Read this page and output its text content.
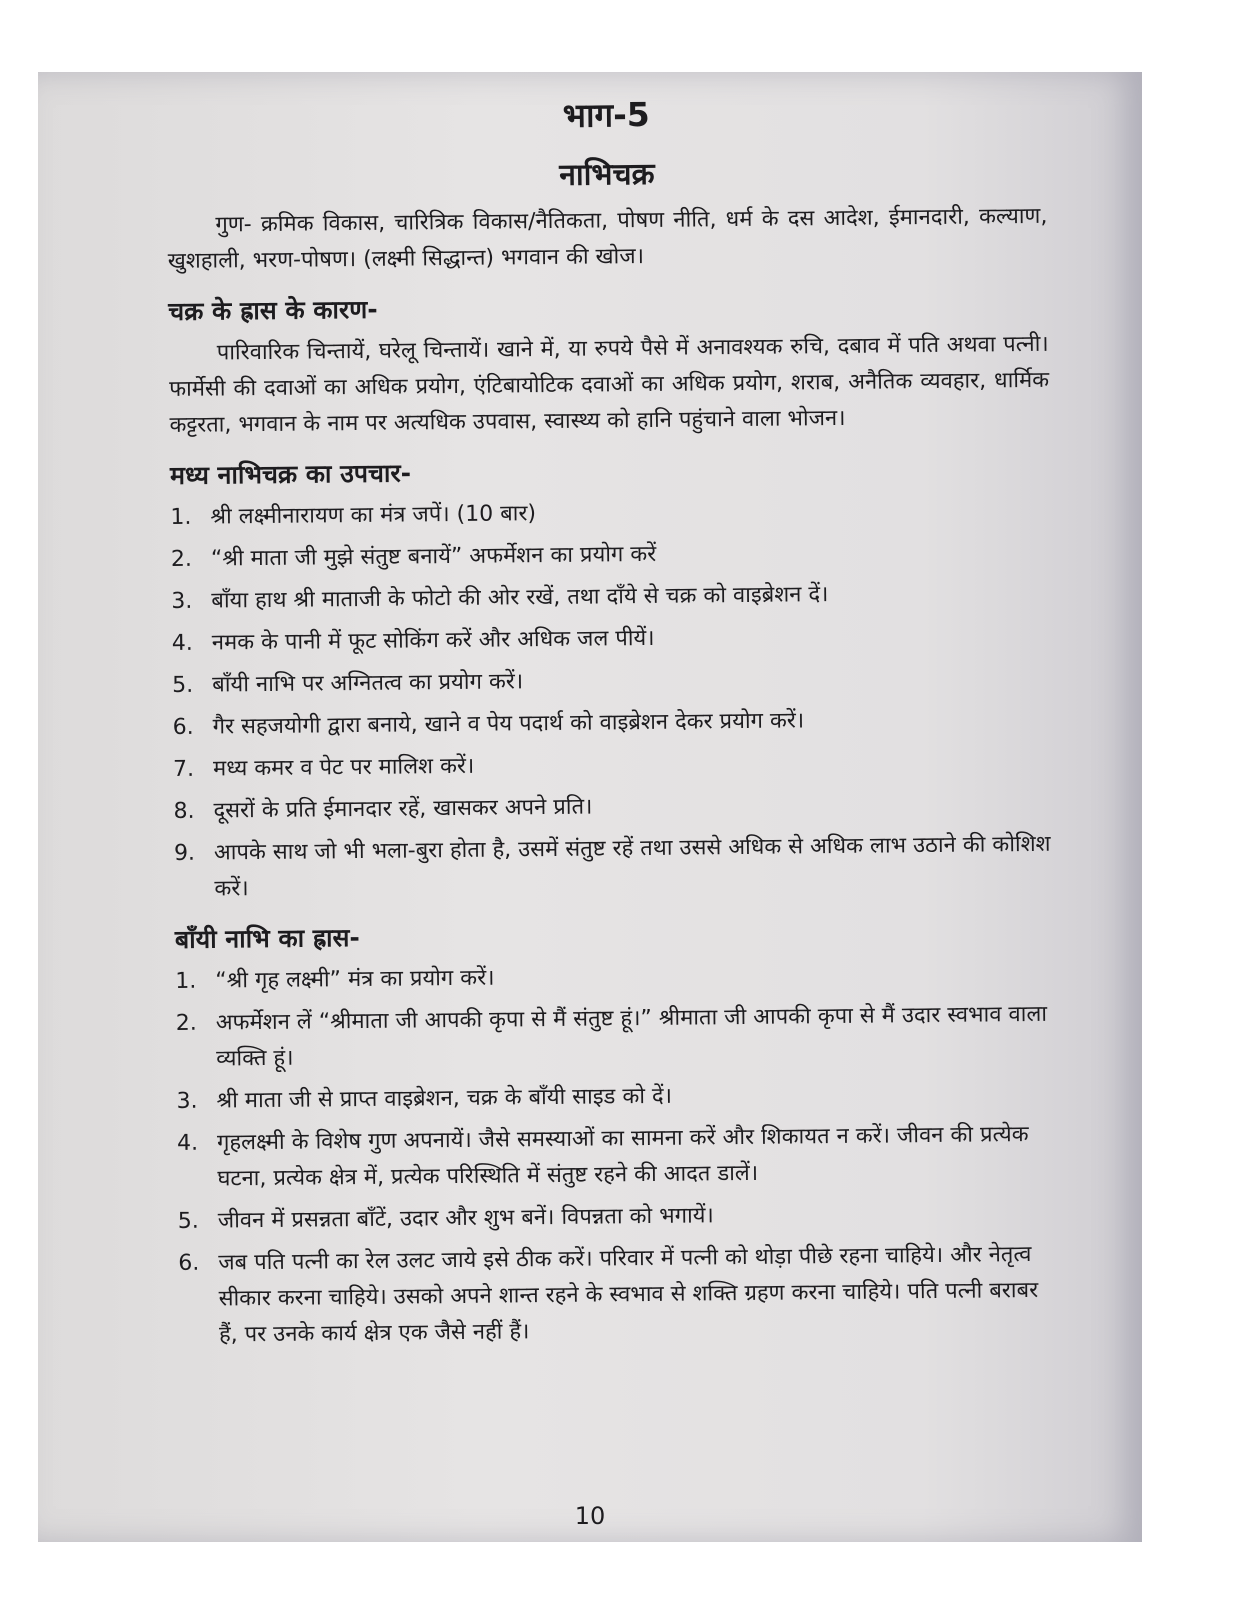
भाग-5
नाभिचक्र

गुण- क्रमिक विकास, चारित्रिक विकास/नैतिकता, पोषण नीति, धर्म के दस आदेश, ईमानदारी, कल्याण, खुशहाली, भरण-पोषण। (लक्ष्मी सिद्धान्त) भगवान की खोज।

चक्र के ह्रास के कारण-

पारिवारिक चिन्तायें, घरेलू चिन्तायें। खाने में, या रुपये पैसे में अनावश्यक रुचि, दबाव में पति अथवा पत्नी। फार्मेसी की दवाओं का अधिक प्रयोग, एंटिबायोटिक दवाओं का अधिक प्रयोग, शराब, अनैतिक व्यवहार, धार्मिक कट्टरता, भगवान के नाम पर अत्यधिक उपवास, स्वास्थ्य को हानि पहुंचाने वाला भोजन।

मध्य नाभिचक्र का उपचार-
1. श्री लक्ष्मीनारायण का मंत्र जपें। (10 बार)
2. “श्री माता जी मुझे संतुष्ट बनायें” अफर्मेशन का प्रयोग करें
3. बाँया हाथ श्री माताजी के फोटो की ओर रखें, तथा दाँये से चक्र को वाइब्रेशन दें।
4. नमक के पानी में फूट सोकिंग करें और अधिक जल पीयें।
5. बाँयी नाभि पर अग्नितत्व का प्रयोग करें।
6. गैर सहजयोगी द्वारा बनाये, खाने व पेय पदार्थ को वाइब्रेशन देकर प्रयोग करें।
7. मध्य कमर व पेट पर मालिश करें।
8. दूसरों के प्रति ईमानदार रहें, खासकर अपने प्रति।
9. आपके साथ जो भी भला-बुरा होता है, उसमें संतुष्ट रहें तथा उससे अधिक से अधिक लाभ उठाने की कोशिश करें।
बाँयी नाभि का ह्रास-
1. “श्री गृह लक्ष्मी” मंत्र का प्रयोग करें।
2. अफर्मेशन लें “श्रीमाता जी आपकी कृपा से मैं संतुष्ट हूं।” श्रीमाता जी आपकी कृपा से मैं उदार स्वभाव वाला व्यक्ति हूं।
3. श्री माता जी से प्राप्त वाइब्रेशन, चक्र के बाँयी साइड को दें।
4. गृहलक्ष्मी के विशेष गुण अपनायें। जैसे समस्याओं का सामना करें और शिकायत न करें। जीवन की प्रत्येक घटना, प्रत्येक क्षेत्र में, प्रत्येक परिस्थिति में संतुष्ट रहने की आदत डालें।
5. जीवन में प्रसन्नता बाँटें, उदार और शुभ बनें। विपन्नता को भगायें।
6. जब पति पत्नी का रेल उलट जाये इसे ठीक करें। परिवार में पत्नी को थोड़ा पीछे रहना चाहिये। और नेतृत्व सीकार करना चाहिये। उसको अपने शान्त रहने के स्वभाव से शक्ति ग्रहण करना चाहिये। पति पत्नी बराबर हैं, पर उनके कार्य क्षेत्र एक जैसे नहीं हैं।
10
